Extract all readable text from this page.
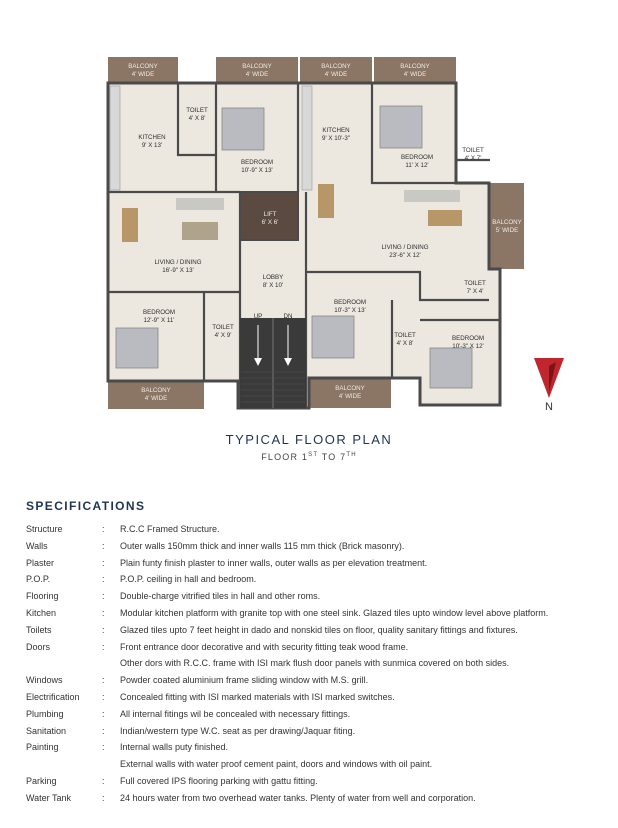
BALCONY
4' WIDE
BALCONY
4' WIDE
BALCONY
4' WIDE
BALCONY
4' WIDE
BALCONY
5' WIDE
BALCONY
4' WIDE
BALCONY
4' WIDE
TOILET
4' X 8'
TOILET
4' X 7'
TOILET
7' X 4'
TOILET
4' X 9'	TOILET
4' X 8'
KITCHEN
9' X 13'
KITCHEN
9' X 10'-3"
BEDROOM
10'-9" X 13'
BEDROOM
11' X 12'
BEDROOM
12'-9" X 11'
BEDROOM
10'-3" X 13'
BEDROOM
10'-3" X 12'
LIFT
6' X 6'
LOBBY
8' X 10'
LIVING / DINING
16'-9" X 13'
LIVING / DINING
23'-6" X 12'
UP	DN
N
TYPICAL FLOOR PLAN
FLOOR 1ST TO 7TH
SPECIFICATIONS
Structure	:	R.C.C Framed Structure.
Walls	:	Outer walls 150mm thick and inner walls 115 mm thick (Brick masonry).
Plaster	:	Plain funty finish plaster to inner walls, outer walls as per elevation treatment.
P.O.P.	:	P.O.P. ceiling in hall and bedroom.
Flooring	:	Double-charge vitrified tiles in hall and other roms.
Kitchen	:	Modular kitchen platform with granite top with one steel sink. Glazed tiles upto window level above platform.
Toilets	:	Glazed tiles upto 7 feet height in dado and nonskid tiles on floor, quality sanitary fittings and fixtures.
Doors	:	Front entrance door decorative and with security fitting teak wood frame.
Other dors with R.C.C. frame with ISI mark flush door panels with sunmica covered on both sides.
Windows	:	Powder coated aluminium frame sliding window with M.S. grill.
Electrification	:	Concealed fitting with ISI marked materials with ISI marked switches.
Plumbing	:	All internal fitings wil be concealed with necessary fittings.
Sanitation	:	Indian/western type W.C. seat as per drawing/Jaquar fiting.
Painting	:	Internal walls puty finished.
External walls with water proof cement paint, doors and windows with oil paint.
Parking	:	Full covered IPS flooring parking with gattu fitting.
Water Tank	:	24 hours water from two overhead water tanks. Plenty of water from well and corporation.
